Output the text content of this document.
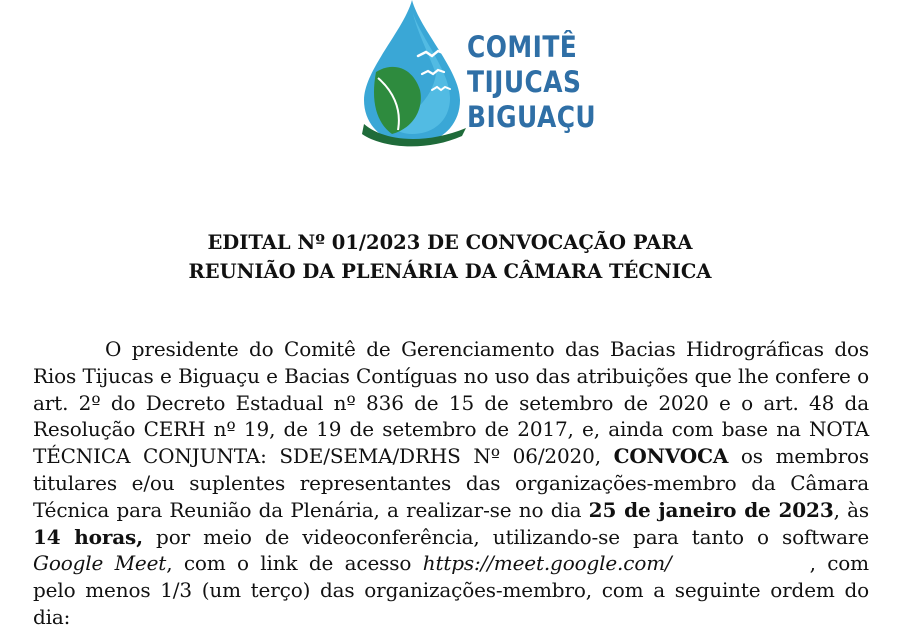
COMITÊ
TIJUCAS
BIGUAÇU
EDITAL Nº 01/2023 DE CONVOCAÇÃO PARA
REUNIÃO DA PLENÁRIA DA CÂMARA TÉCNICA
O presidente do Comitê de Gerenciamento das Bacias Hidrográficas dos Rios Tijucas e Biguaçu e Bacias Contíguas no uso das atribuições que lhe confere o art. 2º do Decreto Estadual nº 836 de 15 de setembro de 2020 e o art. 48 da Resolução CERH nº 19, de 19 de setembro de 2017, e, ainda com base na NOTA TÉCNICA CONJUNTA: SDE/SEMA/DRHS Nº 06/2020, CONVOCA os membros titulares e/ou suplentes representantes das organizações-membro da Câmara Técnica para Reunião da Plenária, a realizar-se no dia 25 de janeiro de 2023, às 14 horas, por meio de videoconferência, utilizando-se para tanto o software Google Meet, com o link de acesso https://meet.google.com/	, com pelo menos 1/3 (um terço) das organizações-membro, com a seguinte ordem do dia:
